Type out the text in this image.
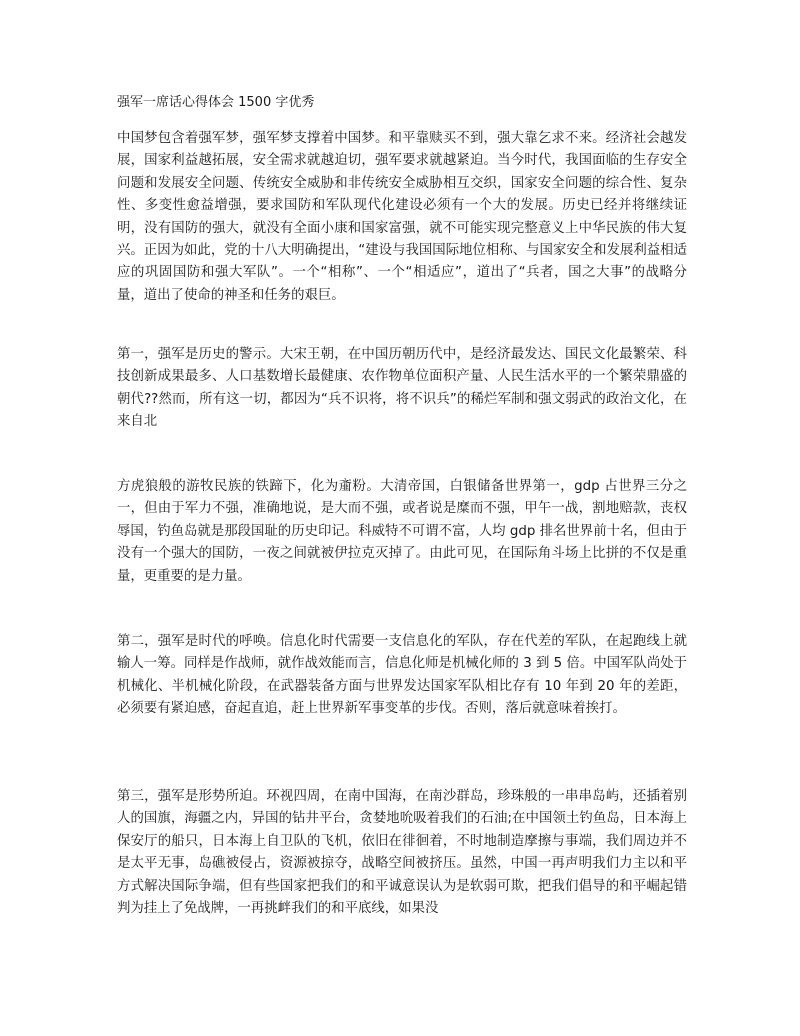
强军一席话心得体会 1500 字优秀

中国梦包含着强军梦，强军梦支撑着中国梦。和平靠赎买不到，强大靠乞求不来。经济社会越发展，国家利益越拓展，安全需求就越迫切，强军要求就越紧迫。当今时代，我国面临的生存安全问题和发展安全问题、传统安全威胁和非传统安全威胁相互交织，国家安全问题的综合性、复杂性、多变性愈益增强，要求国防和军队现代化建设必须有一个大的发展。历史已经并将继续证明，没有国防的强大，就没有全面小康和国家富强，就不可能实现完整意义上中华民族的伟大复兴。正因为如此，党的十八大明确提出，“建设与我国国际地位相称、与国家安全和发展利益相适应的巩固国防和强大军队”。一个“相称”、一个“相适应”，道出了“兵者，国之大事”的战略分量，道出了使命的神圣和任务的艰巨。

第一，强军是历史的警示。大宋王朝，在中国历朝历代中，是经济最发达、国民文化最繁荣、科技创新成果最多、人口基数增长最健康、农作物单位面积产量、人民生活水平的一个繁荣鼎盛的朝代??然而，所有这一切，都因为“兵不识将，将不识兵”的稀烂军制和强文弱武的政治文化，在来自北

方虎狼般的游牧民族的铁蹄下，化为齑粉。大清帝国，白银储备世界第一，gdp 占世界三分之一，但由于军力不强，准确地说，是大而不强，或者说是糜而不强，甲午一战，割地赔款，丧权辱国，钓鱼岛就是那段国耻的历史印记。科威特不可谓不富，人均 gdp 排名世界前十名，但由于没有一个强大的国防，一夜之间就被伊拉克灭掉了。由此可见，在国际角斗场上比拼的不仅是重量，更重要的是力量。

第二，强军是时代的呼唤。信息化时代需要一支信息化的军队，存在代差的军队，在起跑线上就输人一筹。同样是作战师，就作战效能而言，信息化师是机械化师的 3 到 5 倍。中国军队尚处于机械化、半机械化阶段，在武器装备方面与世界发达国家军队相比存有 10 年到 20 年的差距，必须要有紧迫感，奋起直追，赶上世界新军事变革的步伐。否则，落后就意味着挨打。

第三，强军是形势所迫。环视四周，在南中国海，在南沙群岛，珍珠般的一串串岛屿，还插着别人的国旗，海疆之内，异国的钻井平台，贪婪地吮吸着我们的石油;在中国领土钓鱼岛，日本海上保安厅的船只，日本海上自卫队的飞机，依旧在徘徊着，不时地制造摩擦与事端，我们周边并不是太平无事，岛礁被侵占，资源被掠夺，战略空间被挤压。虽然，中国一再声明我们力主以和平方式解决国际争端，但有些国家把我们的和平诚意误认为是软弱可欺，把我们倡导的和平崛起错判为挂上了免战牌，一再挑衅我们的和平底线，如果没
